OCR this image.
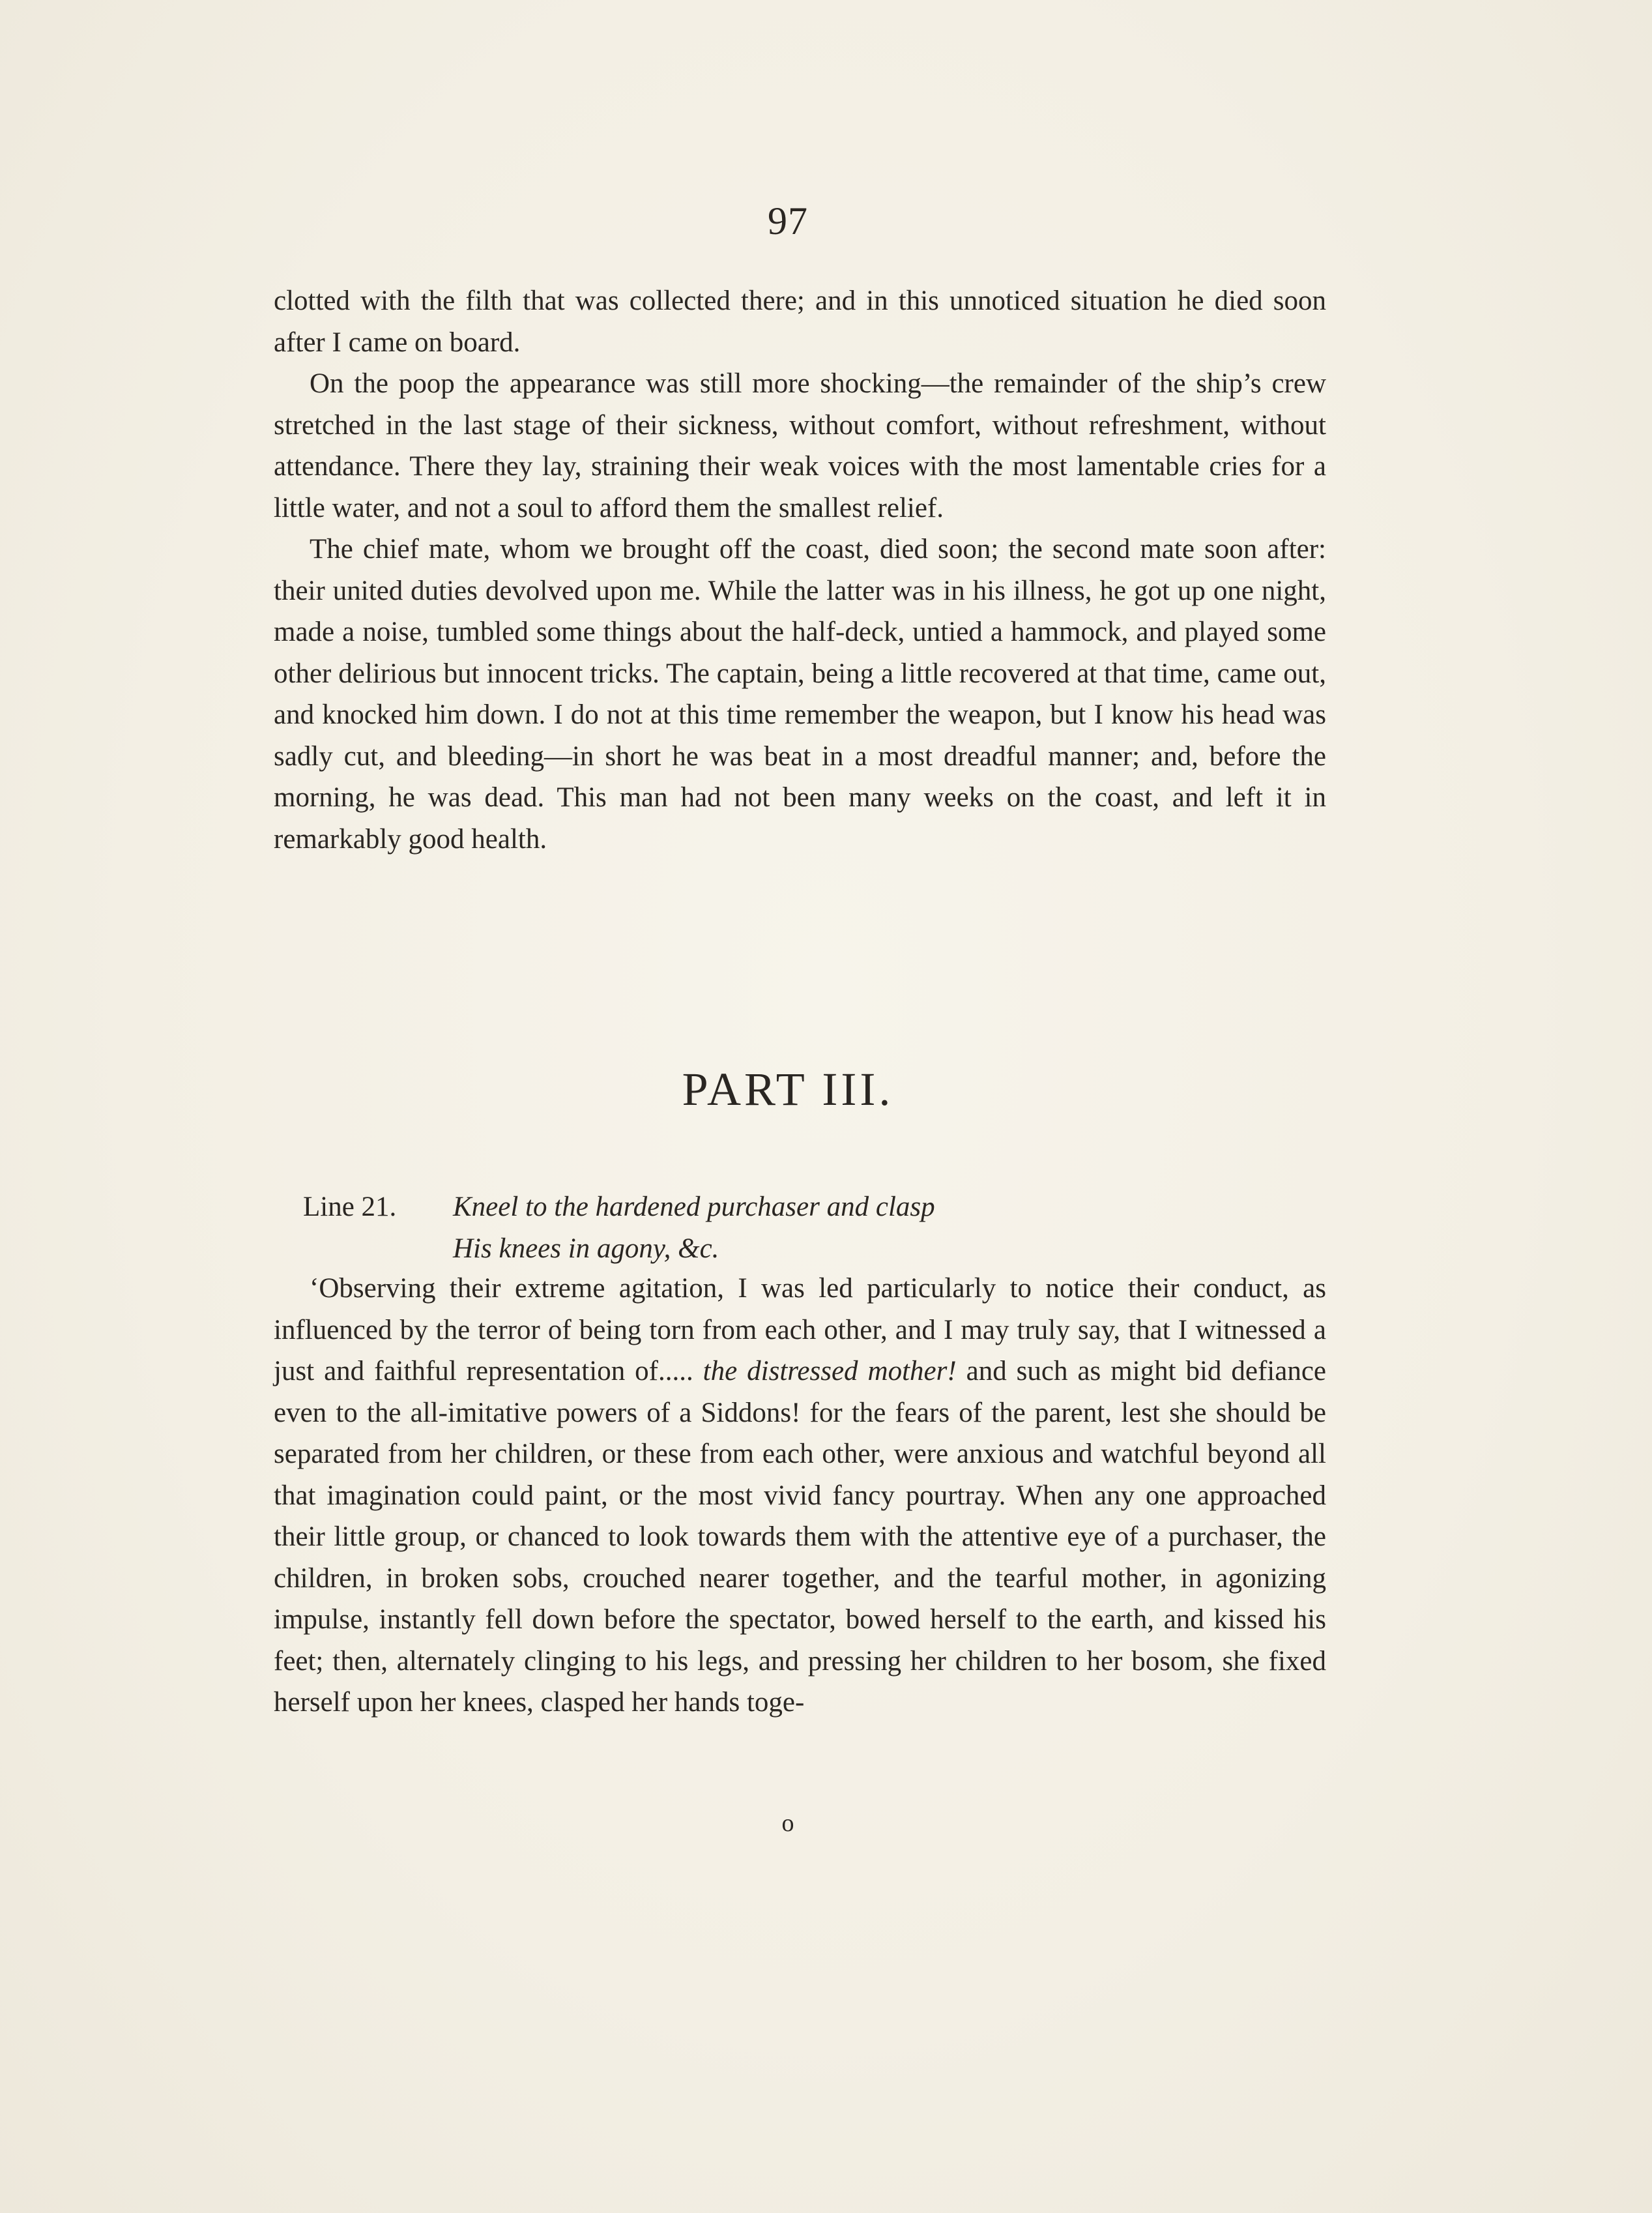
97

clotted with the filth that was collected there; and in this unnoticed situation he died soon after I came on board.

On the poop the appearance was still more shocking—the remainder of the ship’s crew stretched in the last stage of their sickness, without comfort, without refreshment, without attendance. There they lay, straining their weak voices with the most lamentable cries for a little water, and not a soul to afford them the smallest relief.

The chief mate, whom we brought off the coast, died soon; the second mate soon after: their united duties devolved upon me. While the latter was in his illness, he got up one night, made a noise, tumbled some things about the half-deck, untied a hammock, and played some other delirious but innocent tricks. The captain, being a little recovered at that time, came out, and knocked him down. I do not at this time remember the weapon, but I know his head was sadly cut, and bleeding—in short he was beat in a most dreadful manner; and, before the morning, he was dead. This man had not been many weeks on the coast, and left it in remarkably good health.

PART III.
Line 21. Kneel to the hardened purchaser and clasp
His knees in agony, &c.

‘Observing their extreme agitation, I was led particularly to notice their conduct, as influenced by the terror of being torn from each other, and I may truly say, that I witnessed a just and faithful representation of..... the distressed mother! and such as might bid defiance even to the all-imitative powers of a Siddons! for the fears of the parent, lest she should be separated from her children, or these from each other, were anxious and watchful beyond all that imagination could paint, or the most vivid fancy pourtray. When any one approached their little group, or chanced to look towards them with the attentive eye of a purchaser, the children, in broken sobs, crouched nearer together, and the tearful mother, in agonizing impulse, instantly fell down before the spectator, bowed herself to the earth, and kissed his feet; then, alternately clinging to his legs, and pressing her children to her bosom, she fixed herself upon her knees, clasped her hands toge-

o
